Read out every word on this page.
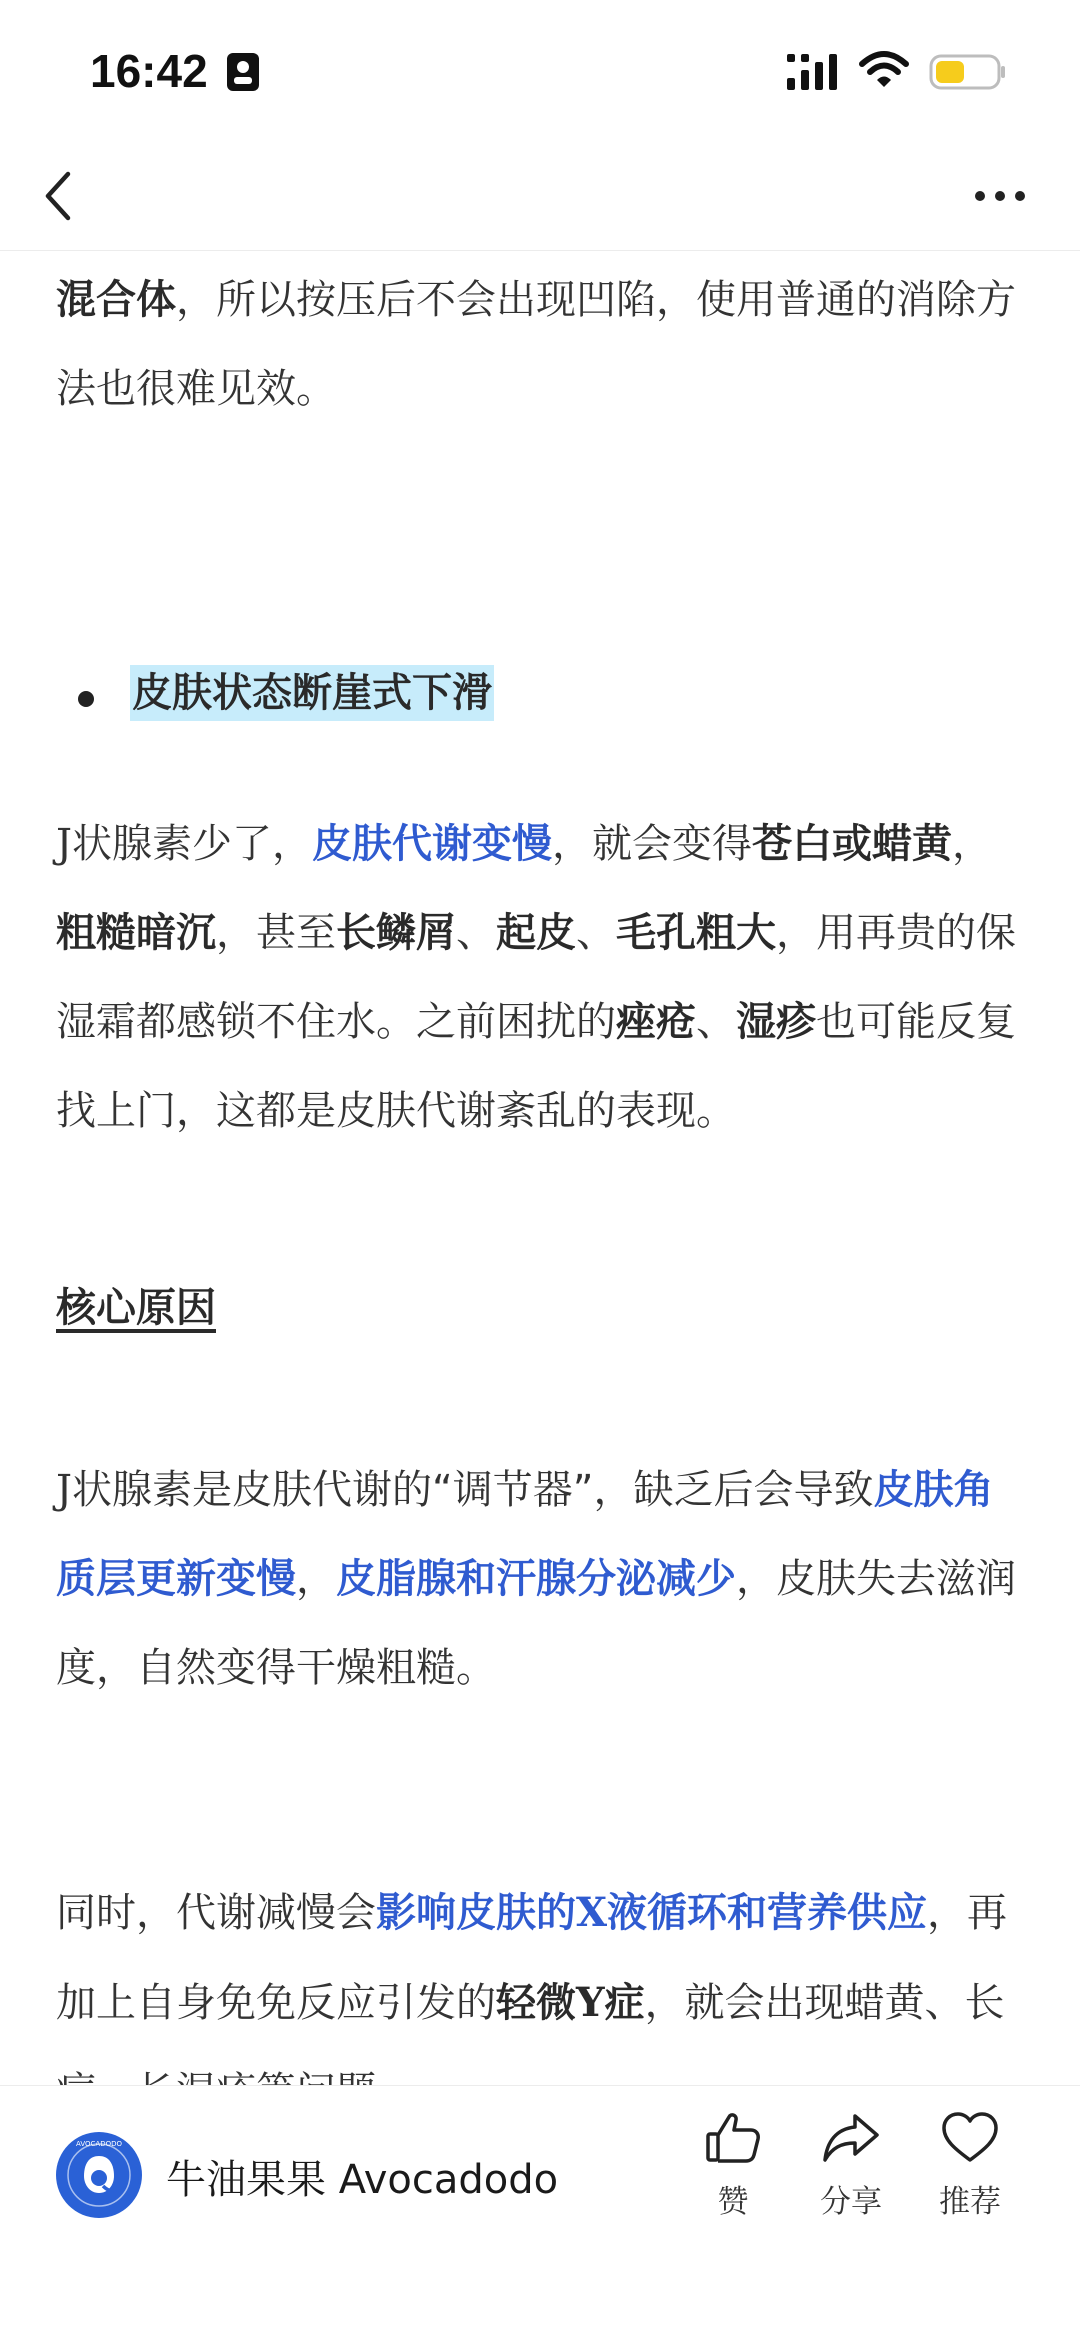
16:42

混合体，所以按压后不会出现凹陷，使用普通的消除方法也很难见效。

皮肤状态断崖式下滑

J状腺素少了，皮肤代谢变慢，就会变得苍白或蜡黄，粗糙暗沉，甚至长鳞屑、起皮、毛孔粗大，用再贵的保湿霜都感锁不住水。之前困扰的痤疮、湿疹也可能反复找上门，这都是皮肤代谢紊乱的表现。

核心原因

J状腺素是皮肤代谢的“调节器”，缺乏后会导致皮肤角质层更新变慢，皮脂腺和汗腺分泌减少，皮肤失去滋润度，自然变得干燥粗糙。

同时，代谢减慢会影响皮肤的X液循环和营养供应，再加上自身免免反应引发的轻微Y症，就会出现蜡黄、长

AVOCADODO
牛油果果 Avocadodo	赞	分享	推荐
